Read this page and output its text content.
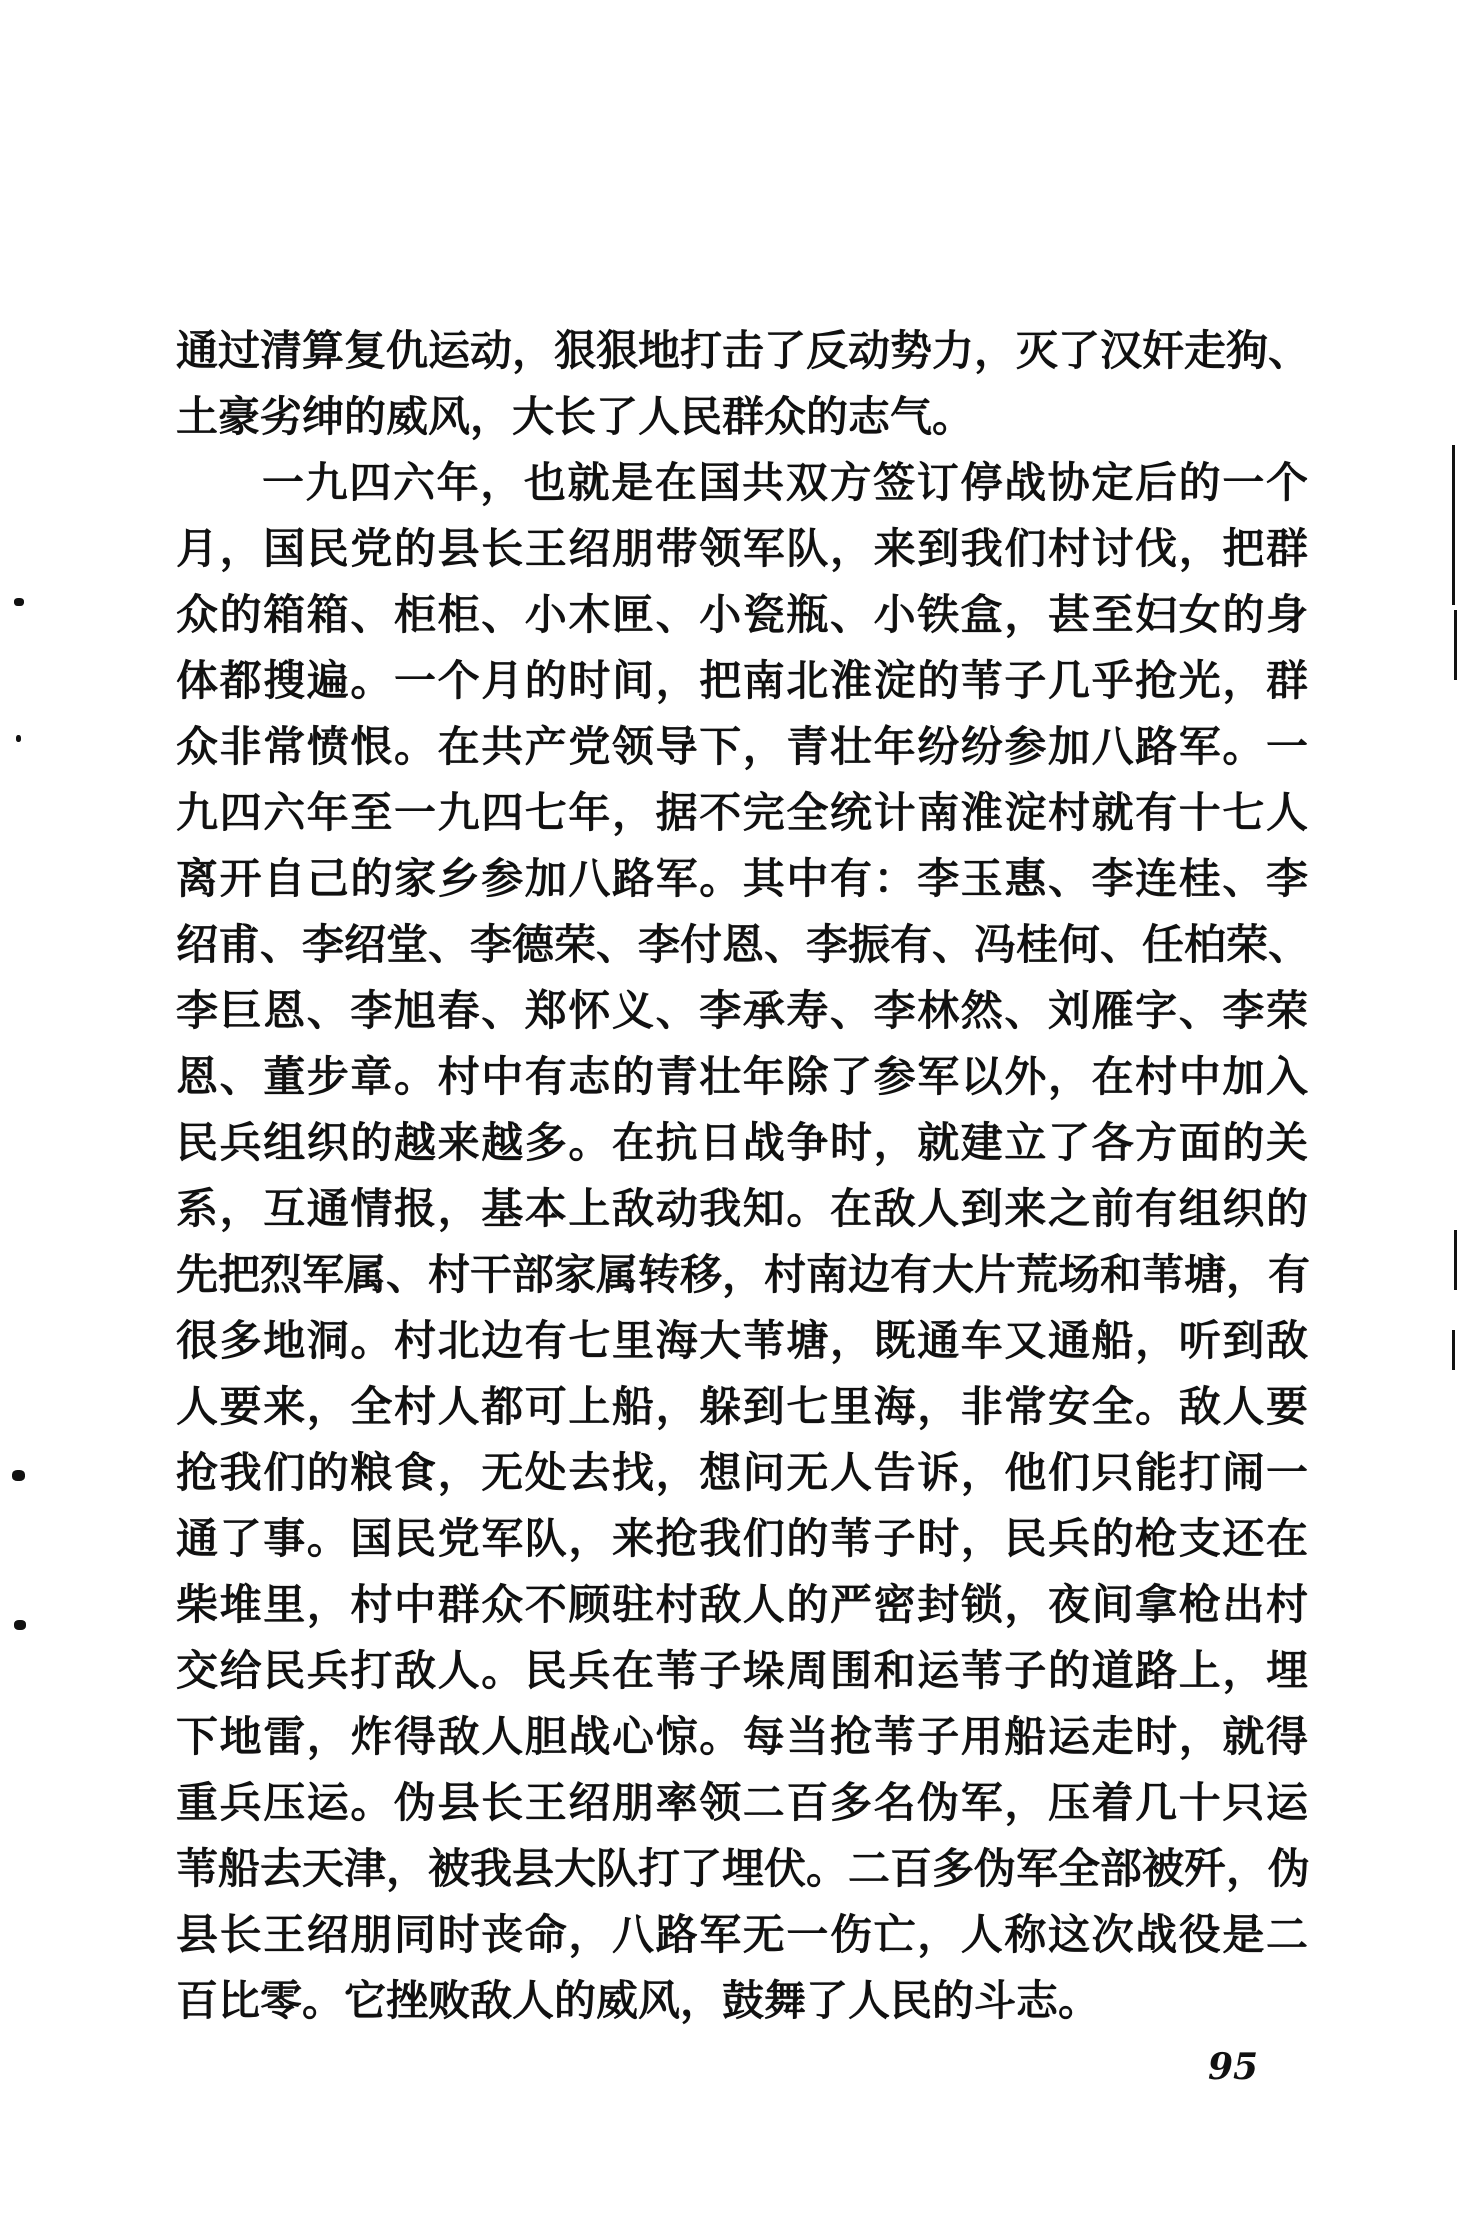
通过清算复仇运动，狠狠地打击了反动势力，灭了汉奸走狗、
土豪劣绅的威风，大长了人民群众的志气。
一九四六年，也就是在国共双方签订停战协定后的一个
月，国民党的县长王绍朋带领军队，来到我们村讨伐，把群
众的箱箱、柜柜、小木匣、小瓷瓶、小铁盒，甚至妇女的身
体都搜遍。一个月的时间，把南北淮淀的苇子几乎抢光，群
众非常愤恨。在共产党领导下，青壮年纷纷参加八路军。一
九四六年至一九四七年，据不完全统计南淮淀村就有十七人
离开自己的家乡参加八路军。其中有：李玉惠、李连桂、李
绍甫、李绍堂、李德荣、李付恩、李振有、冯桂何、任柏荣、
李巨恩、李旭春、郑怀义、李承寿、李林然、刘雁字、李荣
恩、董步章。村中有志的青壮年除了参军以外，在村中加入
民兵组织的越来越多。在抗日战争时，就建立了各方面的关
系，互通情报，基本上敌动我知。在敌人到来之前有组织的
先把烈军属、村干部家属转移，村南边有大片荒场和苇塘，有
很多地洞。村北边有七里海大苇塘，既通车又通船，听到敌
人要来，全村人都可上船，躲到七里海，非常安全。敌人要
抢我们的粮食，无处去找，想问无人告诉，他们只能打闹一
通了事。国民党军队，来抢我们的苇子时，民兵的枪支还在
柴堆里，村中群众不顾驻村敌人的严密封锁，夜间拿枪出村
交给民兵打敌人。民兵在苇子垛周围和运苇子的道路上，埋
下地雷，炸得敌人胆战心惊。每当抢苇子用船运走时，就得
重兵压运。伪县长王绍朋率领二百多名伪军，压着几十只运
苇船去天津，被我县大队打了埋伏。二百多伪军全部被歼，伪
县长王绍朋同时丧命，八路军无一伤亡，人称这次战役是二
百比零。它挫败敌人的威风，鼓舞了人民的斗志。
95
